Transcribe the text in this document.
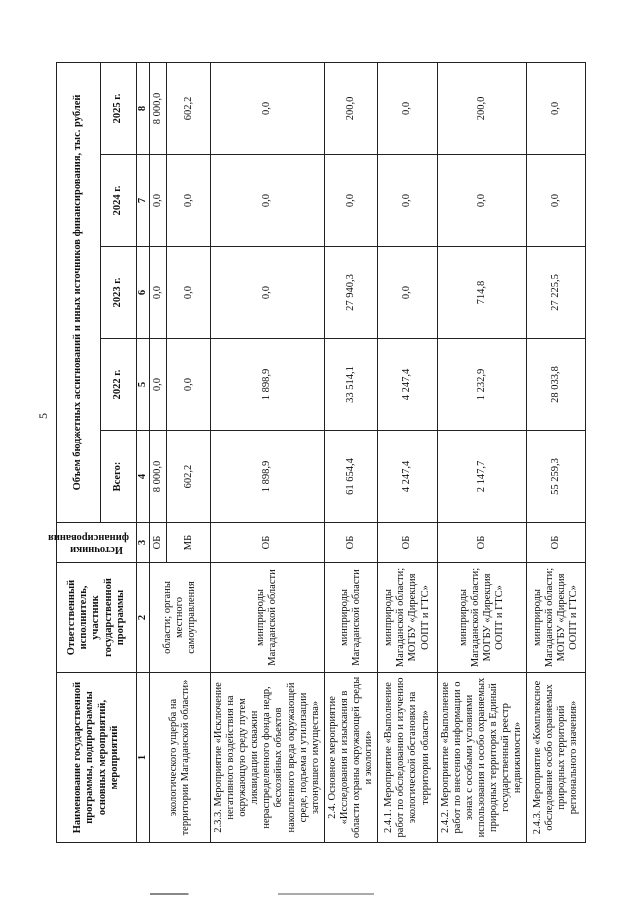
5
Наименование государственной программы, подпрограммы основных мероприятий, мероприятий	Ответственный исполнитель, участник государственной программы	Источники финансирования	Объем бюджетных ассигнований и иных источников финансирования, тыс. рублей				
			Всего:	2022 г.	2023 г.	2024 г.	2025 г.
1	2	3	4	5	6	7	8
экологического ущерба на территории Магаданской области»	области; органы местного самоуправления	ОБ	8 000,0	0,0	0,0	0,0	8 000,0
		МБ	602,2	0,0	0,0	0,0	602,2
2.3.3. Мероприятие «Исключение негативного воздействия на окружающую среду путем ликвидации скважин нераспределенного фонда недр, бесхозяйных объектов накопленного вреда окружающей среде, подъема и утилизации затонувшего имущества»	минприроды Магаданской области	ОБ	1 898,9	1 898,9	0,0	0,0	0,0
2.4. Основное мероприятие «Исследования и изыскания в области охраны окружающей среды и экологии»	минприроды Магаданской области	ОБ	61 654,4	33 514,1	27 940,3	0,0	200,0
2.4.1. Мероприятие «Выполнение работ по обследованию и изучению экологической обстановки на территории области»	минприроды Магаданской области; МОГБУ «Дирекция ООПТ и ГТС»	ОБ	4 247,4	4 247,4	0,0	0,0	0,0
2.4.2. Мероприятие «Выполнение работ по внесению информации о зонах с особыми условиями использования и особо охраняемых природных территорях в Единый государственный реестр недвижимости»	минприроды Магаданской области; МОГБУ «Дирекция ООПТ и ГТС»	ОБ	2 147,7	1 232,9	714,8	0,0	200,0
2.4.3. Мероприятие «Комплексное обследование особо охраняемых природных территорий регионального значения»	минприроды Магаданской области; МОГБУ «Дирекция ООПТ и ГТС»	ОБ	55 259,3	28 033,8	27 225,5	0,0	0,0
